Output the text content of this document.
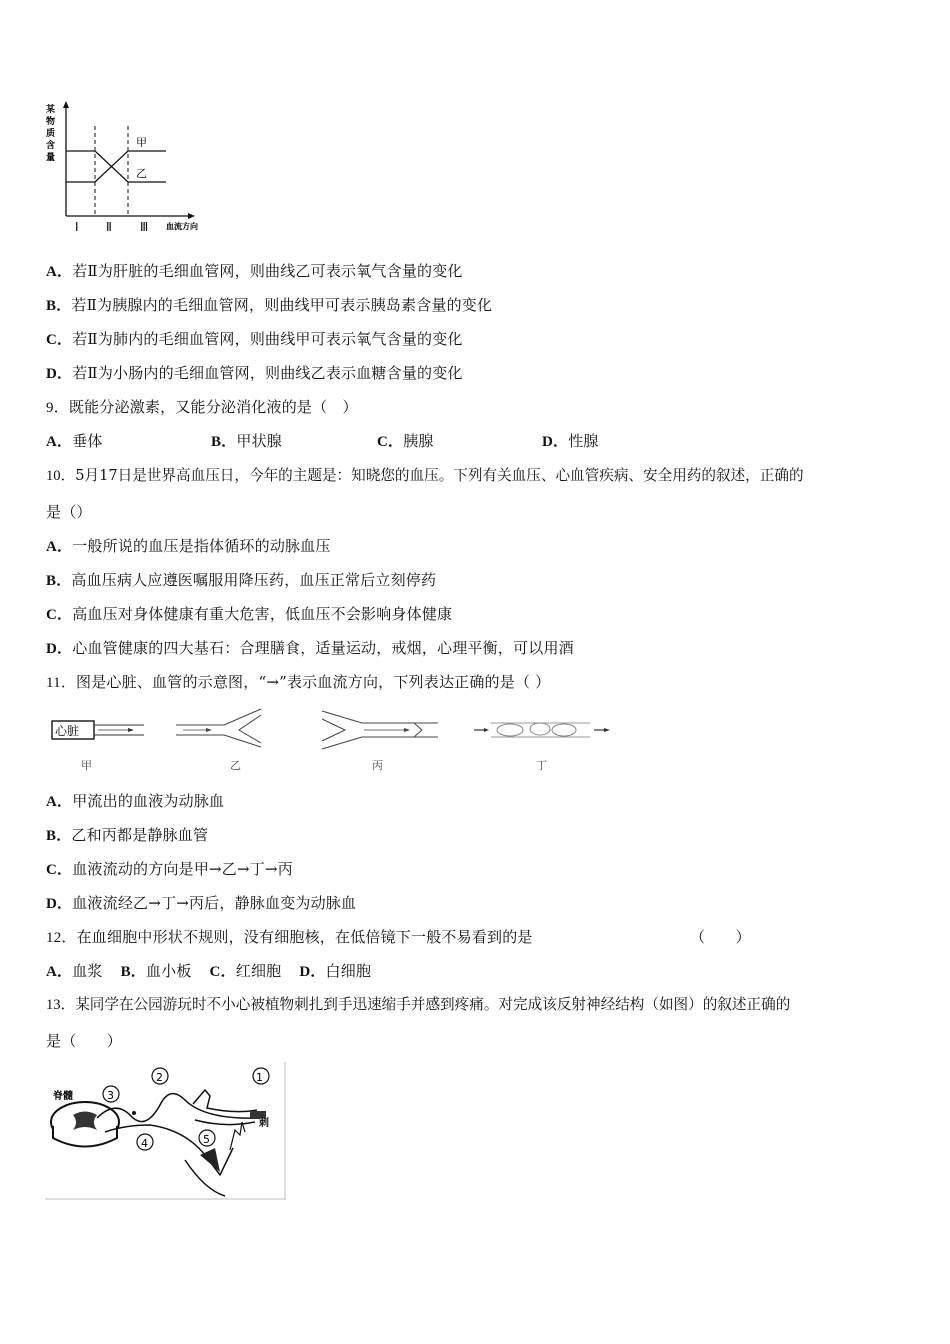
某
物
质
含
量
甲
乙
Ⅰ Ⅱ Ⅲ 血流方向
A．若Ⅱ为肝脏的毛细血管网，则曲线乙可表示氧气含量的变化
B．若Ⅱ为胰腺内的毛细血管网，则曲线甲可表示胰岛素含量的变化
C．若Ⅱ为肺内的毛细血管网，则曲线甲可表示氧气含量的变化
D．若Ⅱ为小肠内的毛细血管网，则曲线乙表示血糖含量的变化
9．既能分泌激素，又能分泌消化液的是（　）
A．垂体	B．甲状腺	C．胰腺	D．性腺
10．5月17日是世界高血压日，今年的主题是：知晓您的血压。下列有关血压、心血管疾病、安全用药的叙述，正确的
是（）
A．一般所说的血压是指体循环的动脉血压
B．高血压病人应遵医嘱服用降压药，血压正常后立刻停药
C．高血压对身体健康有重大危害，低血压不会影响身体健康
D．心血管健康的四大基石：合理膳食，适量运动，戒烟，心理平衡，可以用酒
11．图是心脏、血管的示意图，“→”表示血流方向，下列表达正确的是（ ）
心脏
甲	乙	丙	丁
A．甲流出的血液为动脉血
B．乙和丙都是静脉血管
C．血液流动的方向是甲→乙→丁→丙
D．血液流经乙→丁→丙后，静脉血变为动脉血
12．在血细胞中形状不规则，没有细胞核，在低倍镜下一般不易看到的是	（　　）
A．血浆 B．血小板 C．红细胞 D．白细胞
13．某同学在公园游玩时不小心被植物刺扎到手迅速缩手并感到疼痛。对完成该反射神经结构（如图）的叙述正确的
是（　　）
脊髓
刺
1
2
3
4	5
